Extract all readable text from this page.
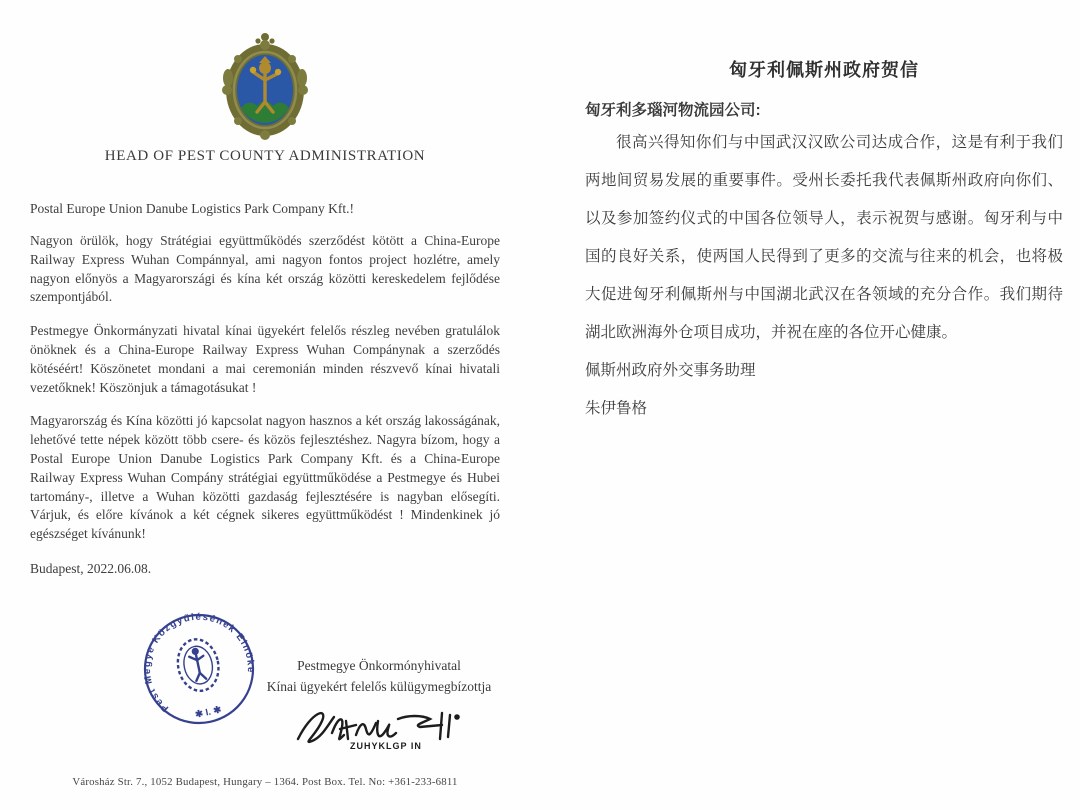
HEAD OF PEST COUNTY ADMINISTRATION

Postal Europe Union Danube Logistics Park Company Kft.!

Nagyon örülök, hogy Strátégiai együttműködés szerződést kötött a China-Europe Railway Express Wuhan Compánnyal, ami nagyon fontos project hozlétre, amely nagyon előnyös a Magyarországi és kína két ország közötti kereskedelem fejlődése szempontjából.

Pestmegye Önkormányzati hivatal kínai ügyekért felelős részleg nevében gratulálok önöknek és a China-Europe Railway Express Wuhan Compánynak a szerződés kötéséért! Köszönetet mondani a mai ceremonián minden részvevő kínai hivatali vezetőknek! Köszönjuk a támagotásukat !

Magyarország és Kína közötti jó kapcsolat nagyon hasznos a két ország lakosságának, lehetővé tette népek között több csere- és közös fejlesztéshez. Nagyra bízom, hogy a Postal Europe Union Danube Logistics Park Company Kft. és a China-Europe Railway Express Wuhan Compány strátégiai együttműködése a Pestmegye és Hubei tartomány-, illetve a Wuhan közötti gazdaság fejlesztésére is nagyban elősegíti. Várjuk, és előre kívánok a két cégnek sikeres együttműködést ! Mindenkinek jó egészséget kívánunk!

Budapest, 2022.06.08.

Pest Megye Közgyűlésének Elnöke
✱ I. ✱
Pestmegye Önkormónyhivatal
Kínai ügyekért felelős külügymegbízottja
ZUHYKLGP IN
Városház Str. 7., 1052 Budapest, Hungary – 1364. Post Box. Tel. No: +361-233-6811
匈牙利佩斯州政府贺信

匈牙利多瑙河物流园公司:

很高兴得知你们与中国武汉汉欧公司达成合作，这是有利于我们两地间贸易发展的重要事件。受州长委托我代表佩斯州政府向你们、以及参加签约仪式的中国各位领导人，表示祝贺与感谢。匈牙利与中国的良好关系，使两国人民得到了更多的交流与往来的机会，也将极大促进匈牙利佩斯州与中国湖北武汉在各领域的充分合作。我们期待湖北欧洲海外仓项目成功，并祝在座的各位开心健康。

佩斯州政府外交事务助理

朱伊鲁格
